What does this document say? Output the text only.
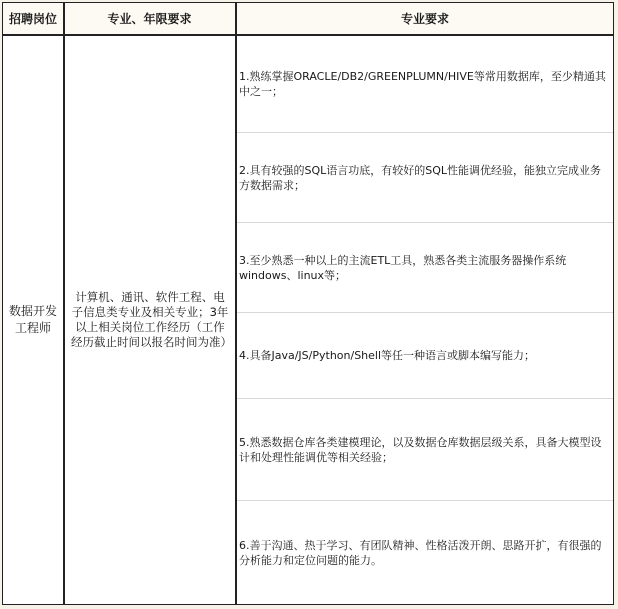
招聘岗位	专业、年限要求	专业要求
数据开发工程师
计算机、通讯、软件工程、电子信息类专业及相关专业；3年以上相关岗位工作经历（工作经历截止时间以报名时间为准）
1.熟练掌握ORACLE/DB2/GREENPLUMN/HIVE等常用数据库，至少精通其中之一；
2.具有较强的SQL语言功底，有较好的SQL性能调优经验，能独立完成业务方数据需求；
3.至少熟悉一种以上的主流ETL工具，熟悉各类主流服务器操作系统windows、linux等；
4.具备Java/JS/Python/Shell等任一种语言或脚本编写能力；
5.熟悉数据仓库各类建模理论，以及数据仓库数据层级关系，具备大模型设计和处理性能调优等相关经验；
6.善于沟通、热于学习、有团队精神、性格活泼开朗、思路开扩，有很强的分析能力和定位问题的能力。
